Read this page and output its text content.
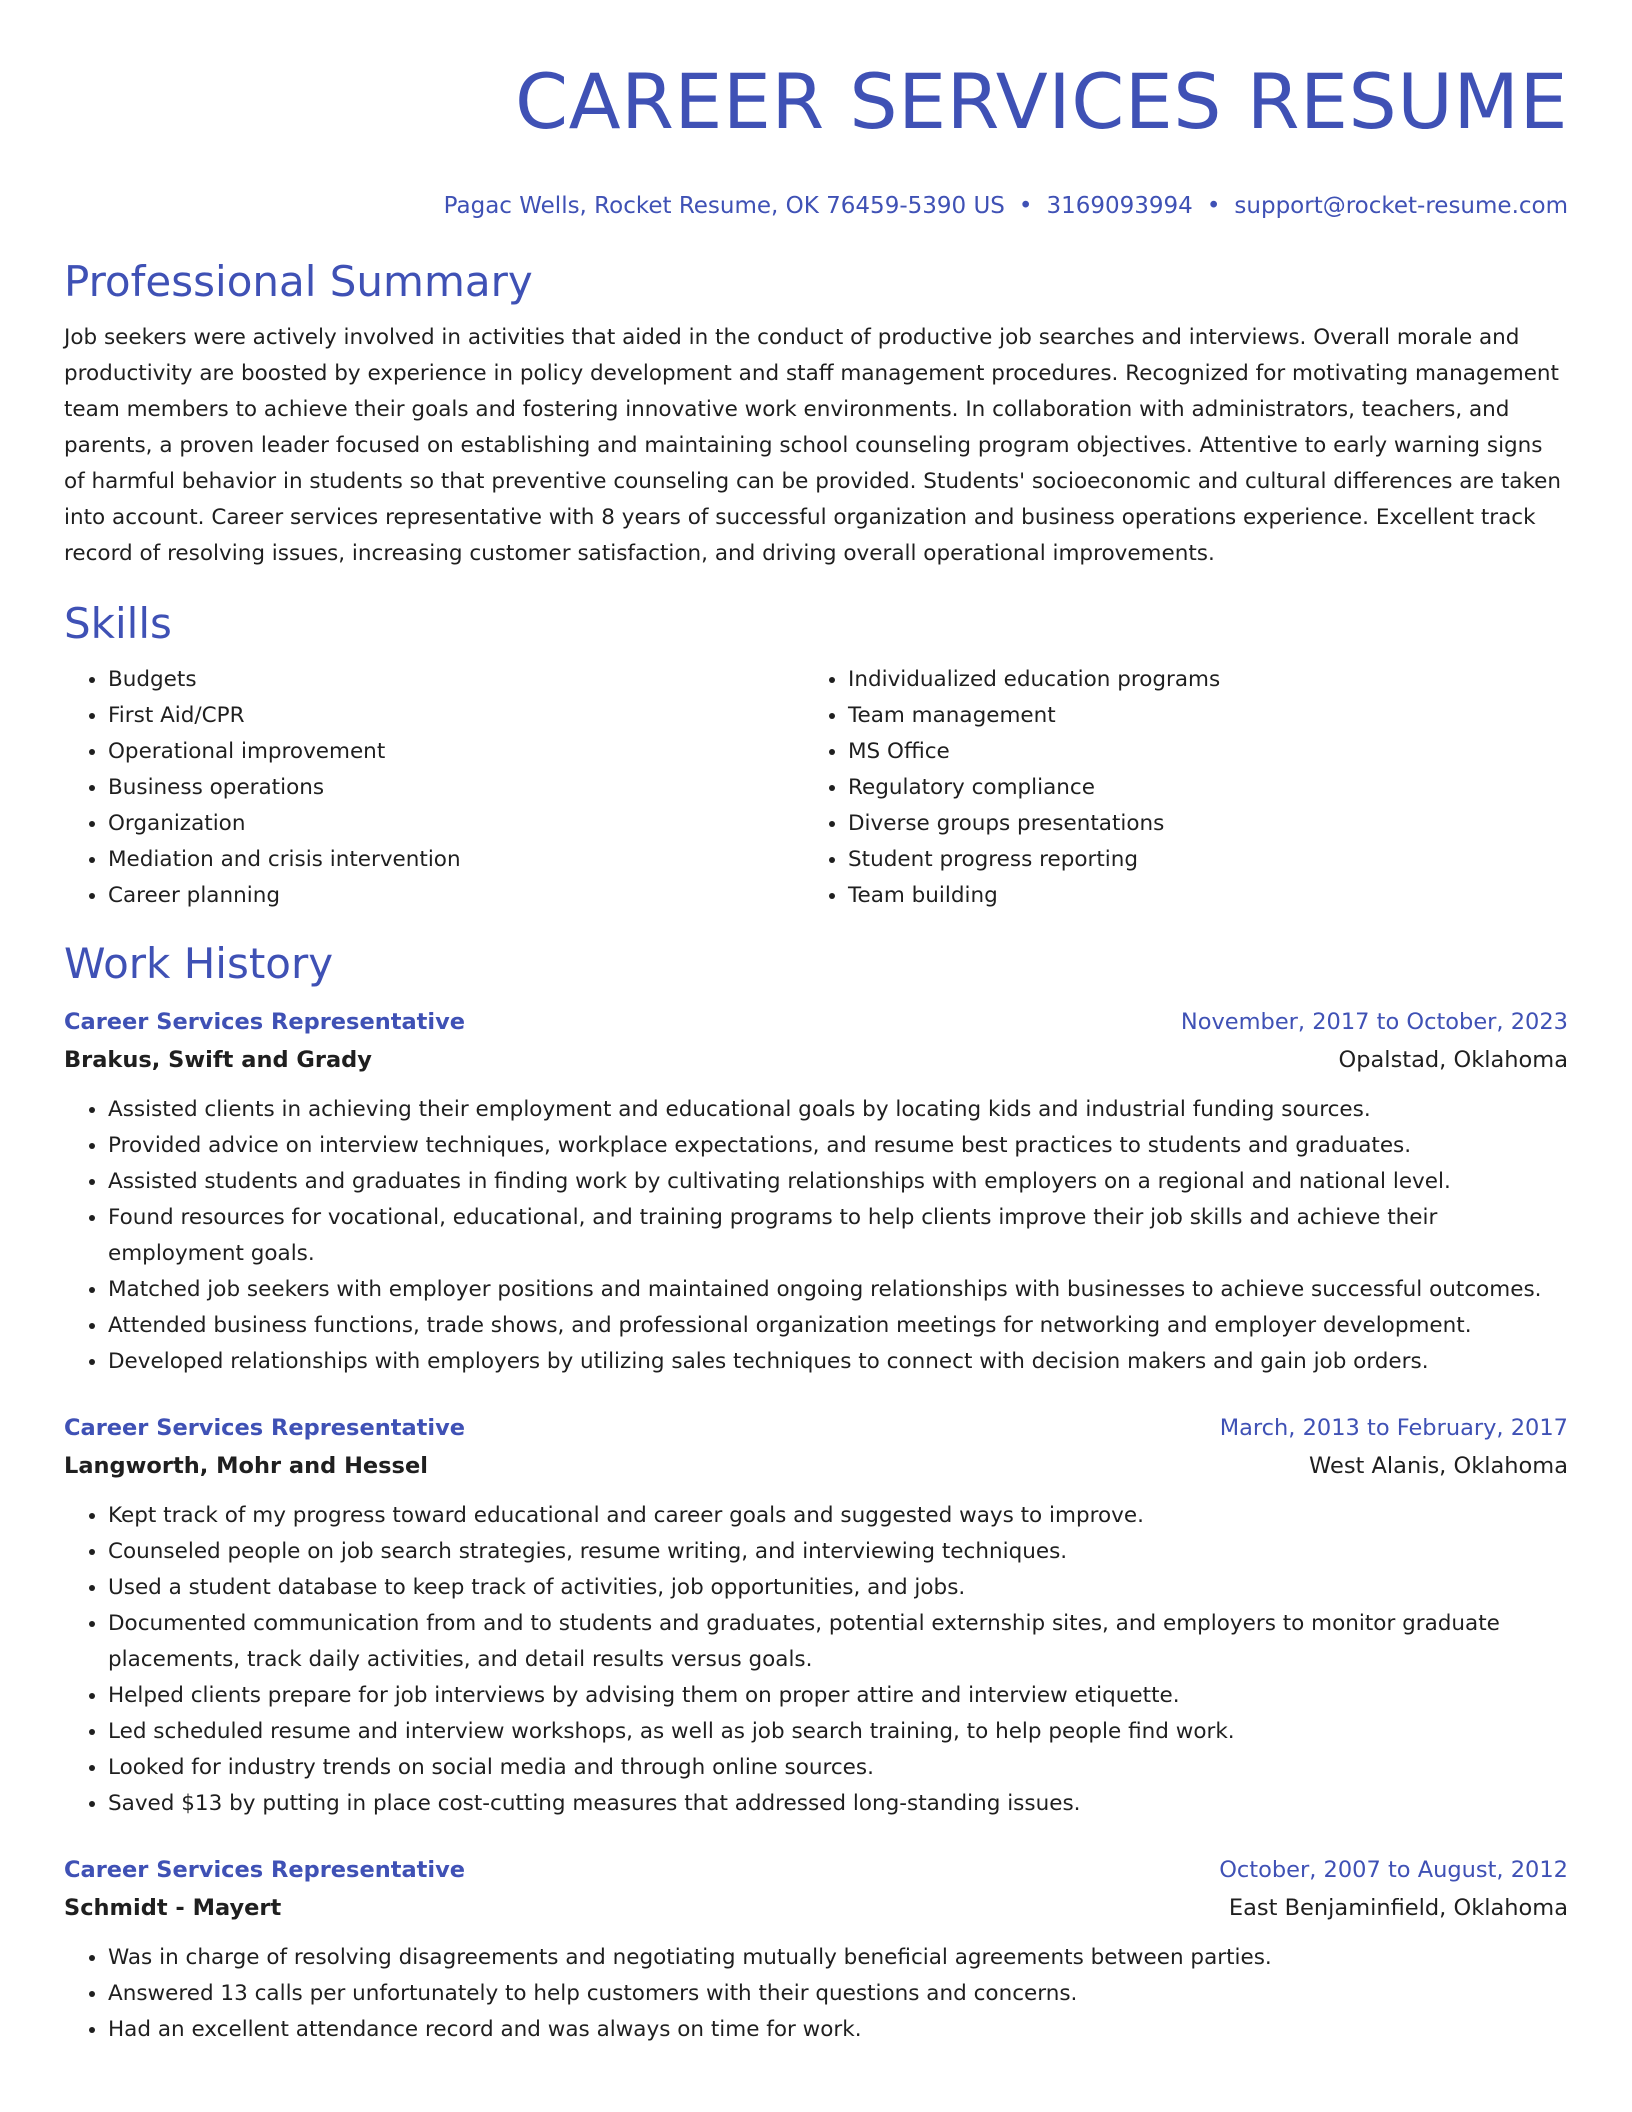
CAREER SERVICES RESUME
Pagac Wells, Rocket Resume, OK 76459-5390 US • 3169093994 • support@rocket-resume.com
Professional Summary

Job seekers were actively involved in activities that aided in the conduct of productive job searches and interviews. Overall morale and productivity are boosted by experience in policy development and staff management procedures. Recognized for motivating management team members to achieve their goals and fostering innovative work environments. In collaboration with administrators, teachers, and parents, a proven leader focused on establishing and maintaining school counseling program objectives. Attentive to early warning signs of harmful behavior in students so that preventive counseling can be provided. Students' socioeconomic and cultural differences are taken into account. Career services representative with 8 years of successful organization and business operations experience. Excellent track record of resolving issues, increasing customer satisfaction, and driving overall operational improvements.

Skills
• Budgets
• First Aid/CPR
• Operational improvement
• Business operations
• Organization
• Mediation and crisis intervention
• Career planning
• Individualized education programs
• Team management
• MS Office
• Regulatory compliance
• Diverse groups presentations
• Student progress reporting
• Team building
Work History
Career Services Representative	November, 2017 to October, 2023
Brakus, Swift and Grady	Opalstad, Oklahoma
• Assisted clients in achieving their employment and educational goals by locating kids and industrial funding sources.
• Provided advice on interview techniques, workplace expectations, and resume best practices to students and graduates.
• Assisted students and graduates in finding work by cultivating relationships with employers on a regional and national level.
• Found resources for vocational, educational, and training programs to help clients improve their job skills and achieve their employment goals.
• Matched job seekers with employer positions and maintained ongoing relationships with businesses to achieve successful outcomes.
• Attended business functions, trade shows, and professional organization meetings for networking and employer development.
• Developed relationships with employers by utilizing sales techniques to connect with decision makers and gain job orders.
Career Services Representative	March, 2013 to February, 2017
Langworth, Mohr and Hessel	West Alanis, Oklahoma
• Kept track of my progress toward educational and career goals and suggested ways to improve.
• Counseled people on job search strategies, resume writing, and interviewing techniques.
• Used a student database to keep track of activities, job opportunities, and jobs.
• Documented communication from and to students and graduates, potential externship sites, and employers to monitor graduate placements, track daily activities, and detail results versus goals.
• Helped clients prepare for job interviews by advising them on proper attire and interview etiquette.
• Led scheduled resume and interview workshops, as well as job search training, to help people find work.
• Looked for industry trends on social media and through online sources.
• Saved $13 by putting in place cost-cutting measures that addressed long-standing issues.
Career Services Representative	October, 2007 to August, 2012
Schmidt - Mayert	East Benjaminfield, Oklahoma
• Was in charge of resolving disagreements and negotiating mutually beneficial agreements between parties.
• Answered 13 calls per unfortunately to help customers with their questions and concerns.
• Had an excellent attendance record and was always on time for work.
